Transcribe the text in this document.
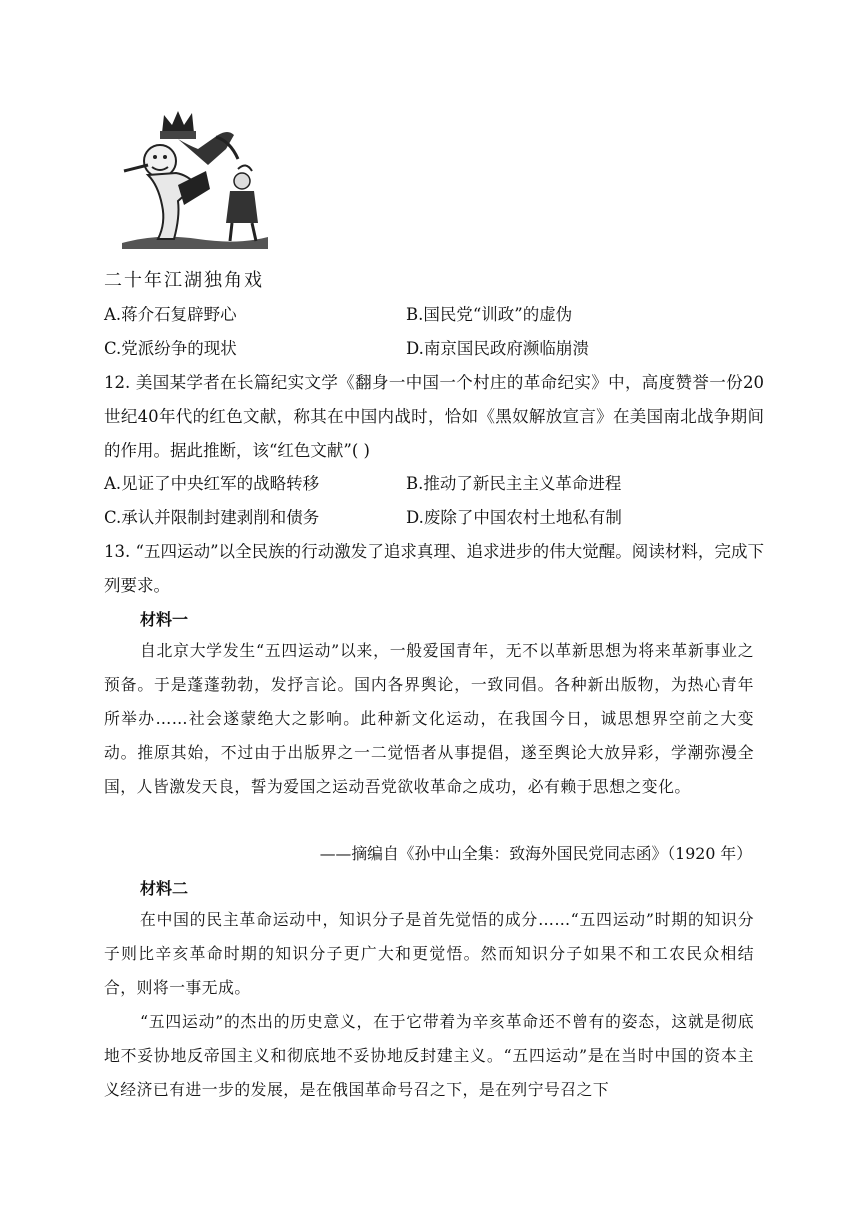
二十年江湖独角戏
A.蒋介石复辟野心	B.国民党“训政”的虚伪
C.党派纷争的现状	D.南京国民政府濒临崩溃

12. 美国某学者在长篇纪实文学《翻身一中国一个村庄的革命纪实》中，高度赞誉一份20世纪40年代的红色文献，称其在中国内战时，恰如《黑奴解放宣言》在美国南北战争期间的作用。据此推断，该“红色文献”( )

A.见证了中央红军的战略转移	B.推动了新民主主义革命进程
C.承认并限制封建剥削和债务	D.废除了中国农村土地私有制

13. “五四运动”以全民族的行动激发了追求真理、追求进步的伟大觉醒。阅读材料，完成下列要求。

材料一

自北京大学发生“五四运动”以来，一般爱国青年，无不以革新思想为将来革新事业之预备。于是蓬蓬勃勃，发抒言论。国内各界舆论，一致同倡。各种新出版物，为热心青年所举办……社会遂蒙绝大之影响。此种新文化运动，在我国今日，诚思想界空前之大变动。推原其始，不过由于出版界之一二觉悟者从事提倡，遂至舆论大放异彩，学潮弥漫全国，人皆激发天良，誓为爱国之运动吾党欲收革命之成功，必有赖于思想之变化。

——摘编自《孙中山全集：致海外国民党同志函》（1920 年）
材料二

在中国的民主革命运动中，知识分子是首先觉悟的成分……“五四运动”时期的知识分子则比辛亥革命时期的知识分子更广大和更觉悟。然而知识分子如果不和工农民众相结合，则将一事无成。

“五四运动”的杰出的历史意义，在于它带着为辛亥革命还不曾有的姿态，这就是彻底地不妥协地反帝国主义和彻底地不妥协地反封建主义。“五四运动”是在当时中国的资本主义经济已有进一步的发展，是在俄国革命号召之下，是在列宁号召之下
